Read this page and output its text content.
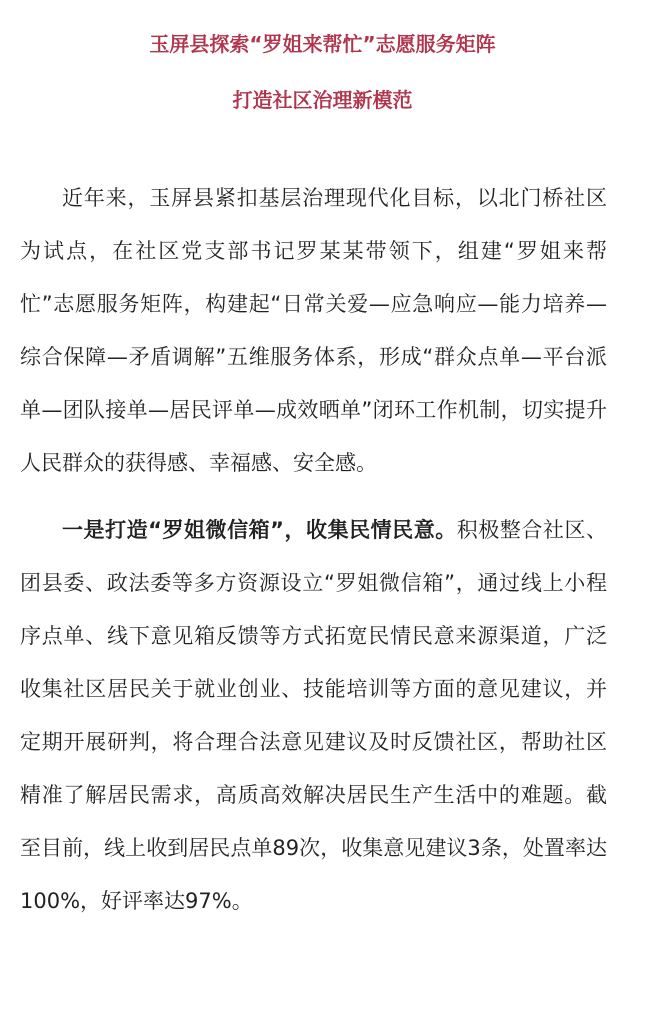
玉屏县探索“罗姐来帮忙”志愿服务矩阵
打造社区治理新模范

近年来，玉屏县紧扣基层治理现代化目标，以北门桥社区为试点，在社区党支部书记罗某某带领下，组建“罗姐来帮忙”志愿服务矩阵，构建起“日常关爱—应急响应—能力培养—综合保障—矛盾调解”五维服务体系，形成“群众点单—平台派单—团队接单—居民评单—成效晒单”闭环工作机制，切实提升人民群众的获得感、幸福感、安全感。

一是打造“罗姐微信箱”，收集民情民意。积极整合社区、团县委、政法委等多方资源设立“罗姐微信箱”，通过线上小程序点单、线下意见箱反馈等方式拓宽民情民意来源渠道，广泛收集社区居民关于就业创业、技能培训等方面的意见建议，并定期开展研判，将合理合法意见建议及时反馈社区，帮助社区精准了解居民需求，高质高效解决居民生产生活中的难题。截至目前，线上收到居民点单89次，收集意见建议3条，处置率达100%，好评率达97%。
